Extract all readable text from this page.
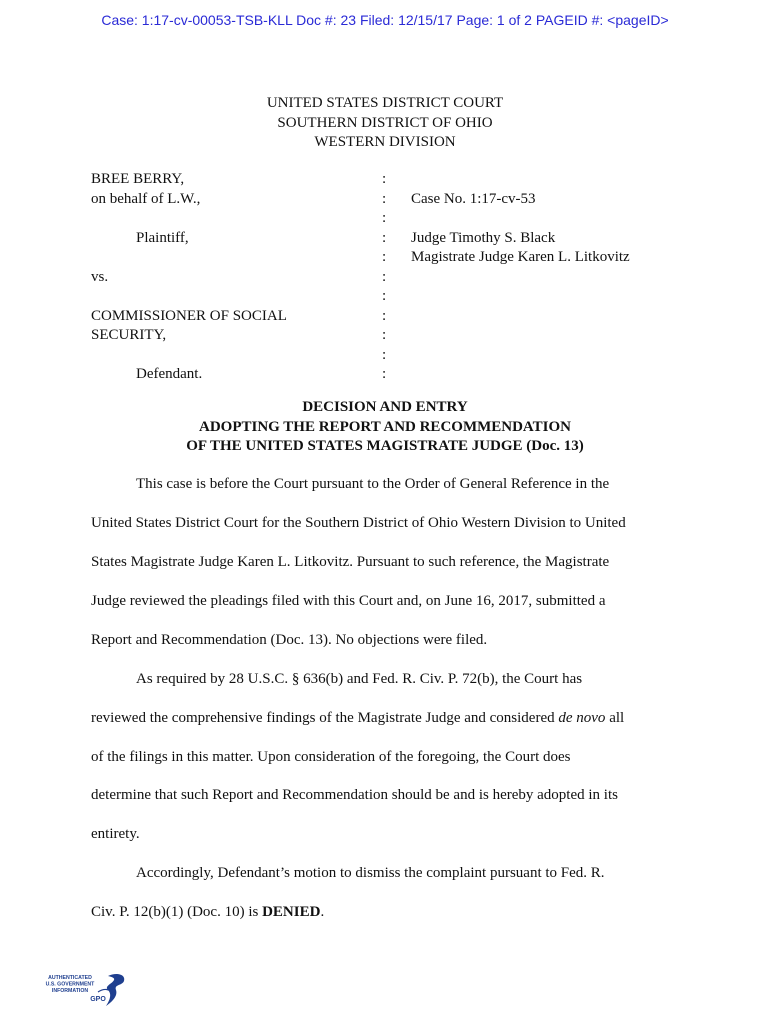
Case: 1:17-cv-00053-TSB-KLL Doc #: 23 Filed: 12/15/17 Page: 1 of 2 PAGEID #: <pageID>
UNITED STATES DISTRICT COURT
SOUTHERN DISTRICT OF OHIO
WESTERN DIVISION
BREE BERRY,
on behalf of L.W.,
Plaintiff,
vs.
COMMISSIONER OF SOCIAL
SECURITY,
Defendant.
:
:
:
:
:
:
:
:
:
:
:
Case No. 1:17-cv-53
Judge Timothy S. Black
Magistrate Judge Karen L. Litkovitz
DECISION AND ENTRY
ADOPTING THE REPORT AND RECOMMENDATION
OF THE UNITED STATES MAGISTRATE JUDGE (Doc. 13)
This case is before the Court pursuant to the Order of General Reference in the
United States District Court for the Southern District of Ohio Western Division to United
States Magistrate Judge Karen L. Litkovitz. Pursuant to such reference, the Magistrate
Judge reviewed the pleadings filed with this Court and, on June 16, 2017, submitted a
Report and Recommendation (Doc. 13). No objections were filed.
As required by 28 U.S.C. § 636(b) and Fed. R. Civ. P. 72(b), the Court has
reviewed the comprehensive findings of the Magistrate Judge and considered de novo all
of the filings in this matter. Upon consideration of the foregoing, the Court does
determine that such Report and Recommendation should be and is hereby adopted in its
entirety.
Accordingly, Defendant’s motion to dismiss the complaint pursuant to Fed. R.
Civ. P. 12(b)(1) (Doc. 10) is DENIED.
AUTHENTICATED
U.S. GOVERNMENT
INFORMATION
GPO
